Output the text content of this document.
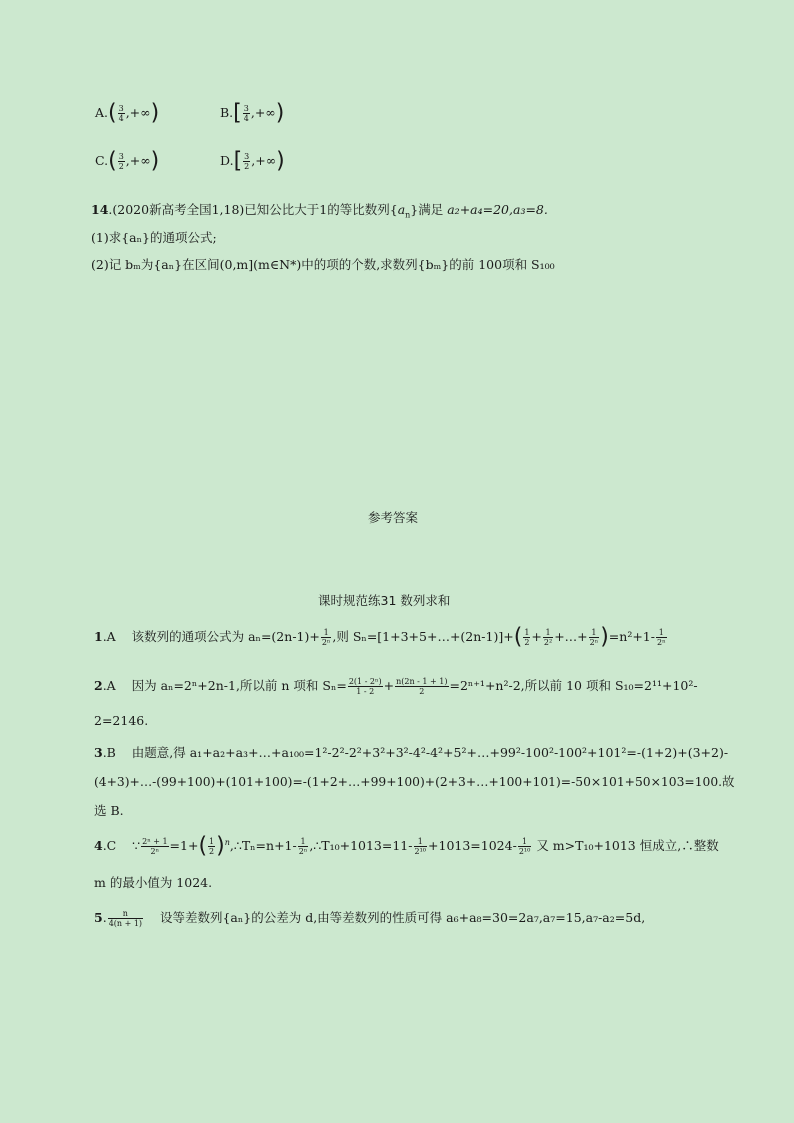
$A.( \frac{3}{4}$ ,+∞)	$B.[ \frac{3}{4}$ ,+∞)
$C.( \frac{3}{2}$ ,+∞)	$D.[ \frac{3}{2}$ ,+∞)
14.(2020新高考全国1,18)已知公比大于1的等比数列$\{a_n\}$满足 a₂+a₄=20,a₃=8.
(1)求{aₙ}的通项公式;
(2)记 bₘ为{aₙ}在区间(0,m](m∈N*)中的项的个数,求数列{bₘ}的前 100项和 S₁₀₀
参考答案
课时规范练31 数列求和
1.A 该数列的通项公式为 $a_n=(2n-1)+ \frac{1}{\text{2ⁿ}}$ ,则 Sₙ=[1+3+5+…+(2n-1)]+( $\frac{1}{2} + \frac{1}{\text{2²}}$ +…+ $\frac{1}{\text{2ⁿ}} )=n^2+1- \frac{1}{\text{2ⁿ}}$
2.A 因为 aₙ=2ⁿ+2n-1,所以前 n 项和 $S_n= \frac{\text{2(1 - 2ⁿ)}}{1 - 2} + \frac{n(2n - 1 + 1)}{2} =2^{n+1}+n^2-2$,所以前 10 项和 S₁₀=2¹¹+10²-
2=2146.
3.B 由题意,得 a₁+a₂+a₃+…+a₁₀₀=1²-2²-2²+3²+3²-4²-4²+5²+…+99²-100²-100²+101²=-(1+2)+(3+2)-
(4+3)+…-(99+100)+(101+100)=-(1+2+…+99+100)+(2+3+…+100+101)=-50×101+50×103=100.故
选 B.
4.C ∵ $\frac{\text{2ⁿ + 1}}{\text{2ⁿ}} =1+( \frac{1}{2}$ )$^n,\therefore T_n=n+1- \frac{1}{\text{2ⁿ}}$ ,∴T₁₀+1013=11- $\frac{1}{\text{2¹⁰}} +1013=1024- \frac{1}{\text{2¹⁰}}$ 又 m>T₁₀+1013 恒成立,∴整数
m 的最小值为 1024.
5. $\frac{n}{4(n + 1)}$ 设等差数列{aₙ}的公差为 d,由等差数列的性质可得 a₆+a₈=30=2a₇,a₇=15,a₇-a₂=5d,
